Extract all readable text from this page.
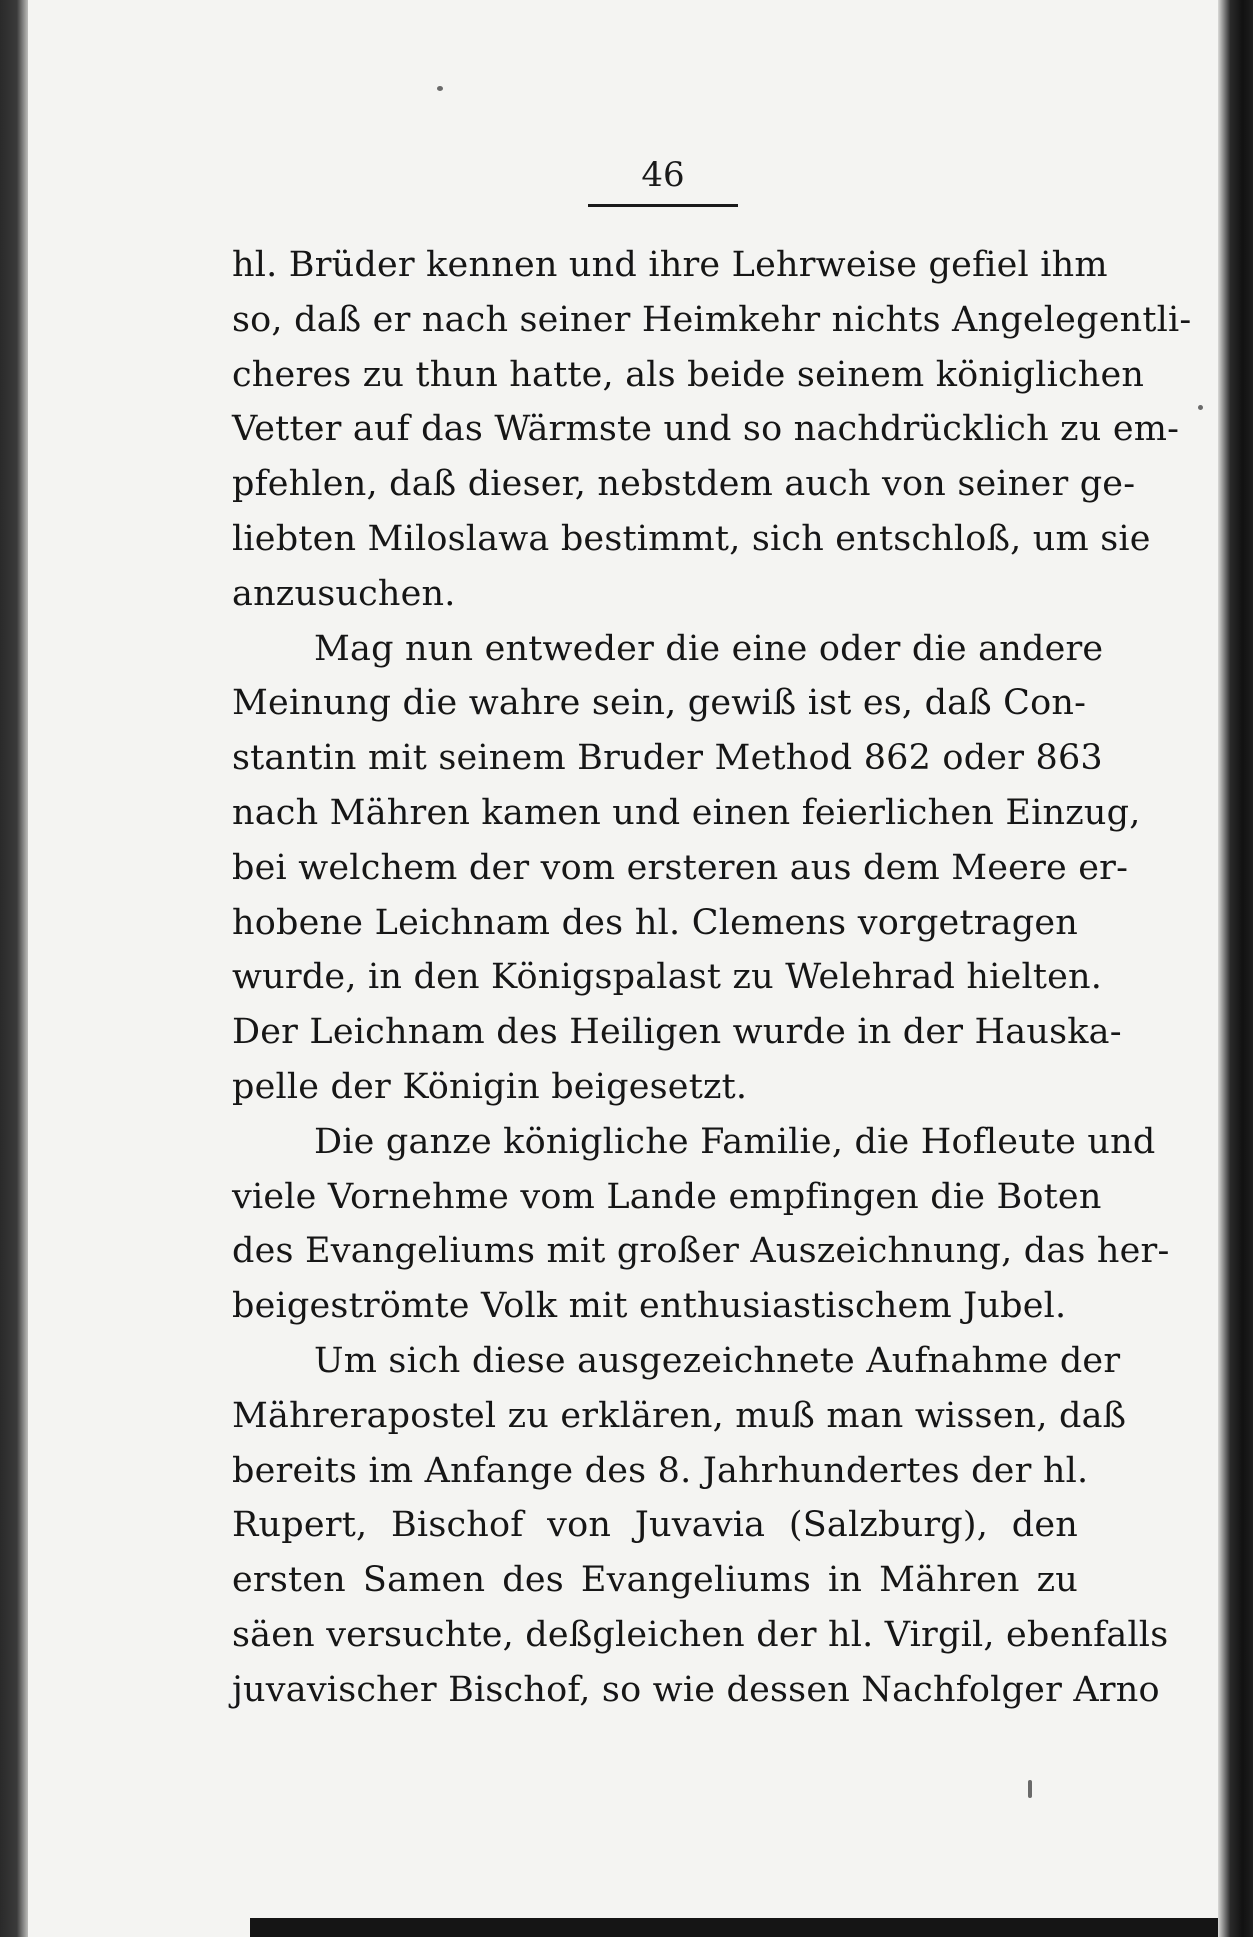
46
hl. Brüder kennen und ihre Lehrweise gefiel ihm
so, daß er nach seiner Heimkehr nichts Angelegentli-
cheres zu thun hatte, als beide seinem königlichen
Vetter auf das Wärmste und so nachdrücklich zu em-
pfehlen, daß dieser, nebstdem auch von seiner ge-
liebten Miloslawa bestimmt, sich entschloß, um sie
anzusuchen.
Mag nun entweder die eine oder die andere
Meinung die wahre sein, gewiß ist es, daß Con-
stantin mit seinem Bruder Method 862 oder 863
nach Mähren kamen und einen feierlichen Einzug,
bei welchem der vom ersteren aus dem Meere er-
hobene Leichnam des hl. Clemens vorgetragen
wurde, in den Königspalast zu Welehrad hielten.
Der Leichnam des Heiligen wurde in der Hauska-
pelle der Königin beigesetzt.
Die ganze königliche Familie, die Hofleute und
viele Vornehme vom Lande empfingen die Boten
des Evangeliums mit großer Auszeichnung, das her-
beigeströmte Volk mit enthusiastischem Jubel.
Um sich diese ausgezeichnete Aufnahme der
Mährerapostel zu erklären, muß man wissen, daß
bereits im Anfange des 8. Jahrhundertes der hl.
Rupert, Bischof von Juvavia (Salzburg), den
ersten Samen des Evangeliums in Mähren zu
säen versuchte, deßgleichen der hl. Virgil, ebenfalls
juvavischer Bischof, so wie dessen Nachfolger Arno
